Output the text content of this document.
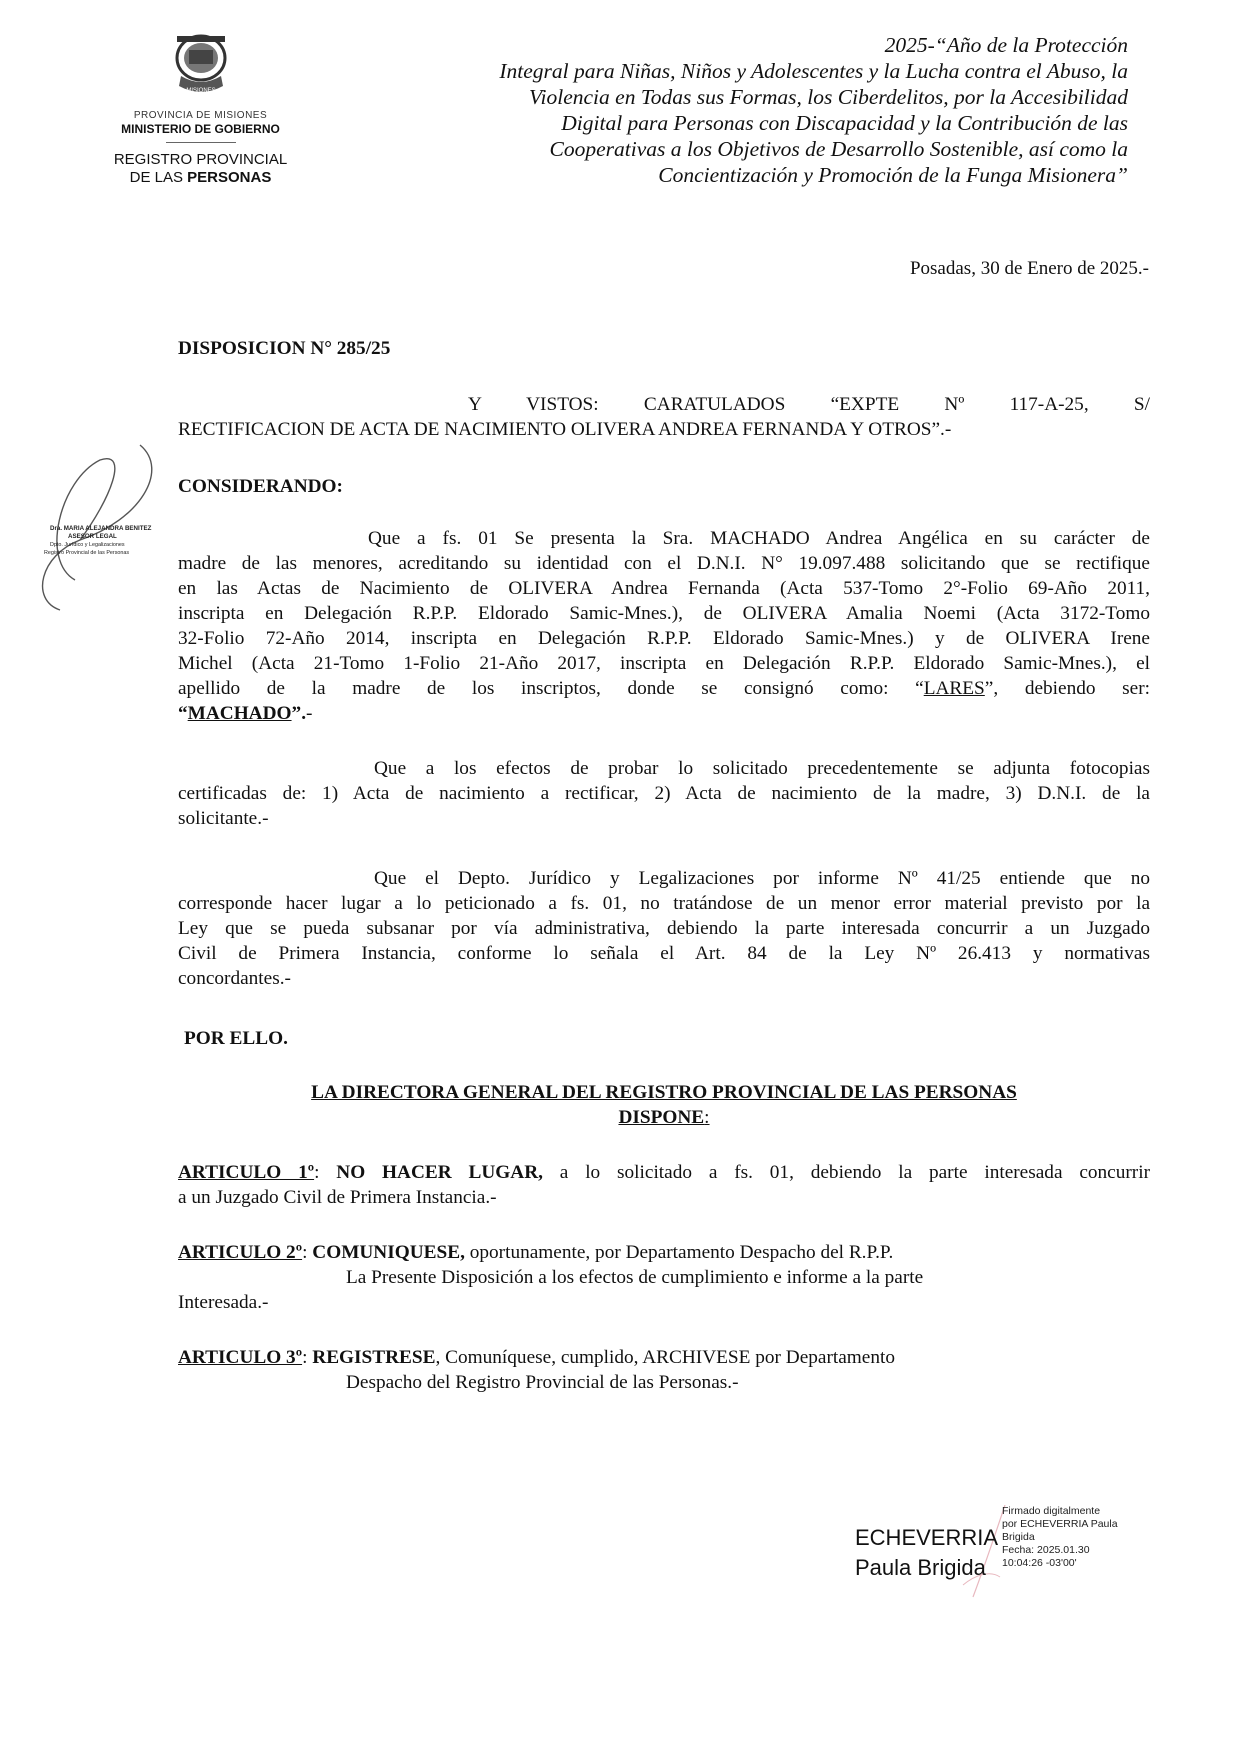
MISIONES
PROVINCIA DE MISIONES
MINISTERIO DE GOBIERNO
REGISTRO PROVINCIAL
DE LAS PERSONAS
2025-“Año de la Protección
Integral para Niñas, Niños y Adolescentes y la Lucha contra el Abuso, la
Violencia en Todas sus Formas, los Ciberdelitos, por la Accesibilidad
Digital para Personas con Discapacidad y la Contribución de las
Cooperativas a los Objetivos de Desarrollo Sostenible, así como la
Concientización y Promoción de la Funga Misionera”
Posadas, 30 de Enero de 2025.-
DISPOSICION N° 285/25
Y VISTOS: CARATULADOS “EXPTE Nº 117-A-25, S/
RECTIFICACION DE ACTA DE NACIMIENTO OLIVERA ANDREA FERNANDA Y OTROS”.-
CONSIDERANDO:
Que a fs. 01 Se presenta la Sra. MACHADO Andrea Angélica en su carácter de
madre de las menores, acreditando su identidad con el D.N.I. N° 19.097.488 solicitando que se rectifique
en las Actas de Nacimiento de OLIVERA Andrea Fernanda (Acta 537-Tomo 2°-Folio 69-Año 2011,
inscripta en Delegación R.P.P. Eldorado Samic-Mnes.), de OLIVERA Amalia Noemi (Acta 3172-Tomo
32-Folio 72-Año 2014, inscripta en Delegación R.P.P. Eldorado Samic-Mnes.) y de OLIVERA Irene
Michel (Acta 21-Tomo 1-Folio 21-Año 2017, inscripta en Delegación R.P.P. Eldorado Samic-Mnes.), el
apellido de la madre de los inscriptos, donde se consignó como: “LARES”, debiendo ser:
“MACHADO”.-
Que a los efectos de probar lo solicitado precedentemente se adjunta fotocopias
certificadas de: 1) Acta de nacimiento a rectificar, 2) Acta de nacimiento de la madre, 3) D.N.I. de la
solicitante.-
Que el Depto. Jurídico y Legalizaciones por informe Nº 41/25 entiende que no
corresponde hacer lugar a lo peticionado a fs. 01, no tratándose de un menor error material previsto por la
Ley que se pueda subsanar por vía administrativa, debiendo la parte interesada concurrir a un Juzgado
Civil de Primera Instancia, conforme lo señala el Art. 84 de la Ley Nº 26.413 y normativas
concordantes.-
POR ELLO.
LA DIRECTORA GENERAL DEL REGISTRO PROVINCIAL DE LAS PERSONAS
DISPONE:
ARTICULO 1º: NO HACER LUGAR, a lo solicitado a fs. 01, debiendo la parte interesada concurrir
a un Juzgado Civil de Primera Instancia.-
ARTICULO 2º: COMUNIQUESE, oportunamente, por Departamento Despacho del R.P.P.
La Presente Disposición a los efectos de cumplimiento e informe a la parte
Interesada.-
ARTICULO 3º: REGISTRESE, Comuníquese, cumplido, ARCHIVESE por Departamento
Despacho del Registro Provincial de las Personas.-
Dra. MARIA ALEJANDRA BENITEZ
ASESOR LEGAL
Dpto. Jurídico y Legalizaciones
Registro Provincial de las Personas
ECHEVERRIA
Paula Brigida
Firmado digitalmente
por ECHEVERRIA Paula
Brigida
Fecha: 2025.01.30
10:04:26 -03'00'
